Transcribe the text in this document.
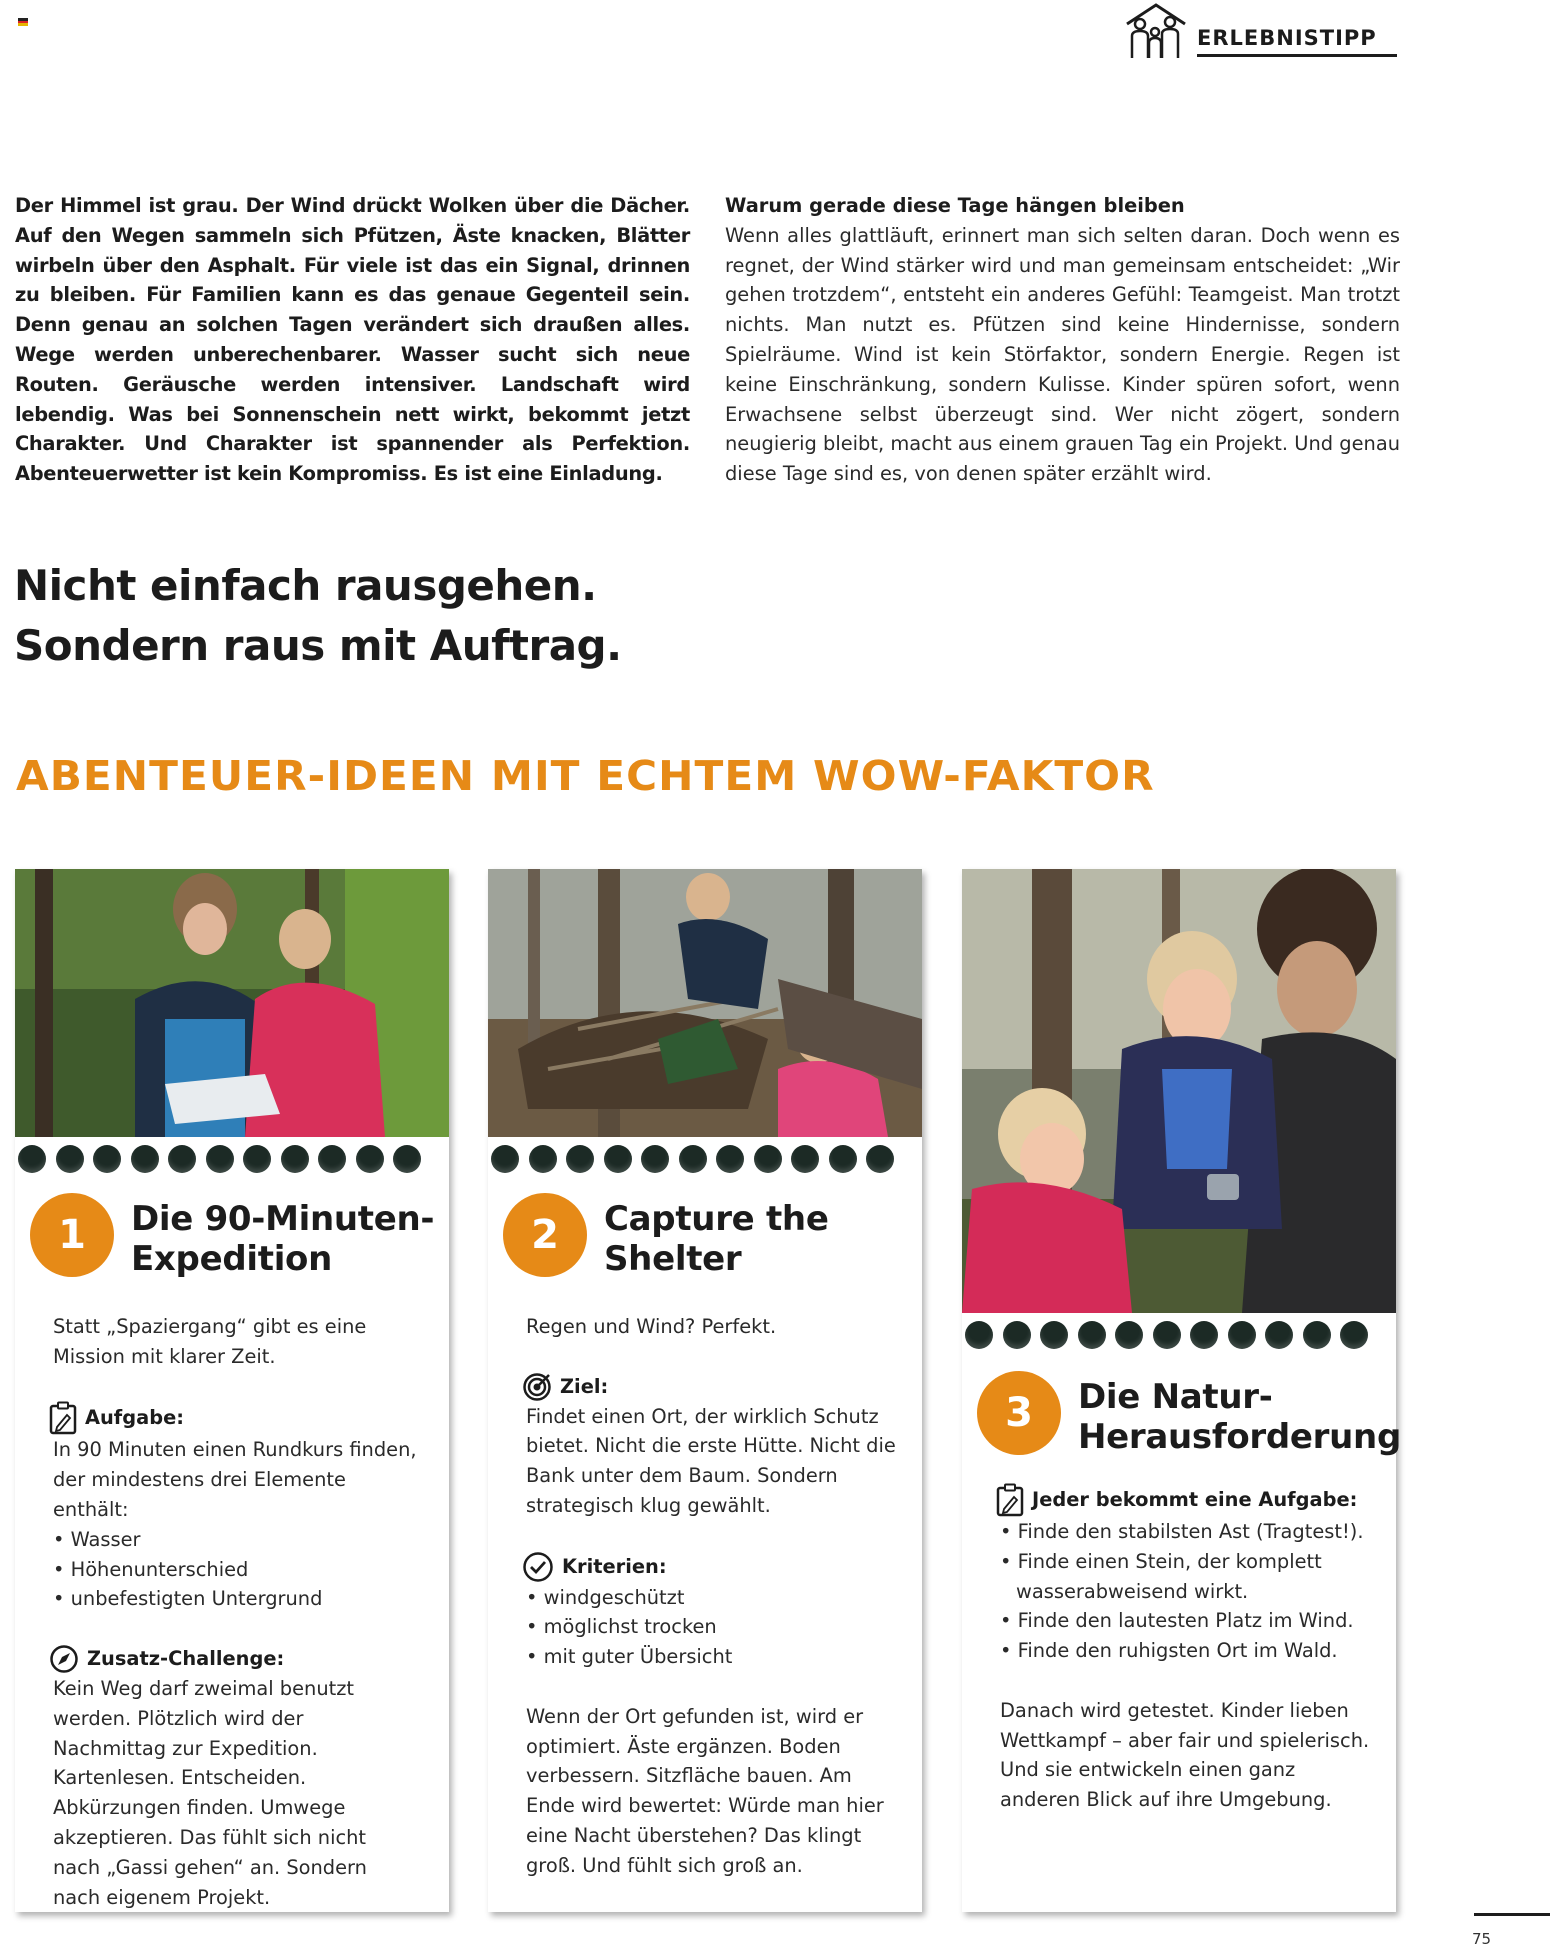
ERLEBNISTIPP

Der Himmel ist grau. Der Wind drückt Wolken über die Dächer. Auf den Wegen sammeln sich Pfützen, Äste knacken, Blätter wirbeln über den Asphalt. Für viele ist das ein Signal, drinnen zu bleiben. Für Familien kann es das genaue Gegenteil sein. Denn genau an solchen Tagen verändert sich draußen alles. Wege werden unberechenbarer. Wasser sucht sich neue Routen. Geräusche werden intensiver. Landschaft wird lebendig. Was bei Sonnenschein nett wirkt, bekommt jetzt Charakter. Und Charakter ist spannender als Perfektion. Abenteuerwetter ist kein Kompromiss. Es ist eine Einladung.

Warum gerade diese Tage hängen bleiben

Wenn alles glattläuft, erinnert man sich selten daran. Doch wenn es regnet, der Wind stärker wird und man gemeinsam entscheidet: „Wir gehen trotzdem“, entsteht ein anderes Gefühl: Teamgeist. Man trotzt nichts. Man nutzt es. Pfützen sind keine Hindernisse, sondern Spielräume. Wind ist kein Störfaktor, sondern Energie. Regen ist keine Einschränkung, sondern Kulisse. Kinder spüren sofort, wenn Erwachsene selbst überzeugt sind. Wer nicht zögert, sondern neugierig bleibt, macht aus einem grauen Tag ein Projekt. Und genau diese Tage sind es, von denen später erzählt wird.

Nicht einfach rausgehen.
Sondern raus mit Auftrag.
ABENTEUER-IDEEN MIT ECHTEM WOW-FAKTOR
1	Die 90-Minuten-
Expedition

Statt „Spaziergang“ gibt es eine Mission mit klarer Zeit.

Aufgabe:

In 90 Minuten einen Rundkurs finden, der mindestens drei Elemente enthält:

• Wasser
• Höhenunterschied
• unbefestigten Untergrund
Zusatz-Challenge:

Kein Weg darf zweimal benutzt werden. Plötzlich wird der Nachmittag zur Expedition. Kartenlesen. Entscheiden. Abkürzungen finden. Umwege akzeptieren. Das fühlt sich nicht nach „Gassi gehen“ an. Sondern nach eigenem Projekt.

2	Capture the
Shelter

Regen und Wind? Perfekt.

Ziel:

Findet einen Ort, der wirklich Schutz bietet. Nicht die erste Hütte. Nicht die Bank unter dem Baum. Sondern strategisch klug gewählt.

Kriterien:
• windgeschützt
• möglichst trocken
• mit guter Übersicht

Wenn der Ort gefunden ist, wird er optimiert. Äste ergänzen. Boden verbessern. Sitzfläche bauen. Am Ende wird bewertet: Würde man hier eine Nacht überstehen? Das klingt groß. Und fühlt sich groß an.

3	Die Natur-
Herausforderung
Jeder bekommt eine Aufgabe:
• Finde den stabilsten Ast (Tragtest!).
• Finde einen Stein, der komplett wasserabweisend wirkt.
• Finde den lautesten Platz im Wind.
• Finde den ruhigsten Ort im Wald.

Danach wird getestet. Kinder lieben Wettkampf – aber fair und spielerisch. Und sie entwickeln einen ganz anderen Blick auf ihre Umgebung.

75
